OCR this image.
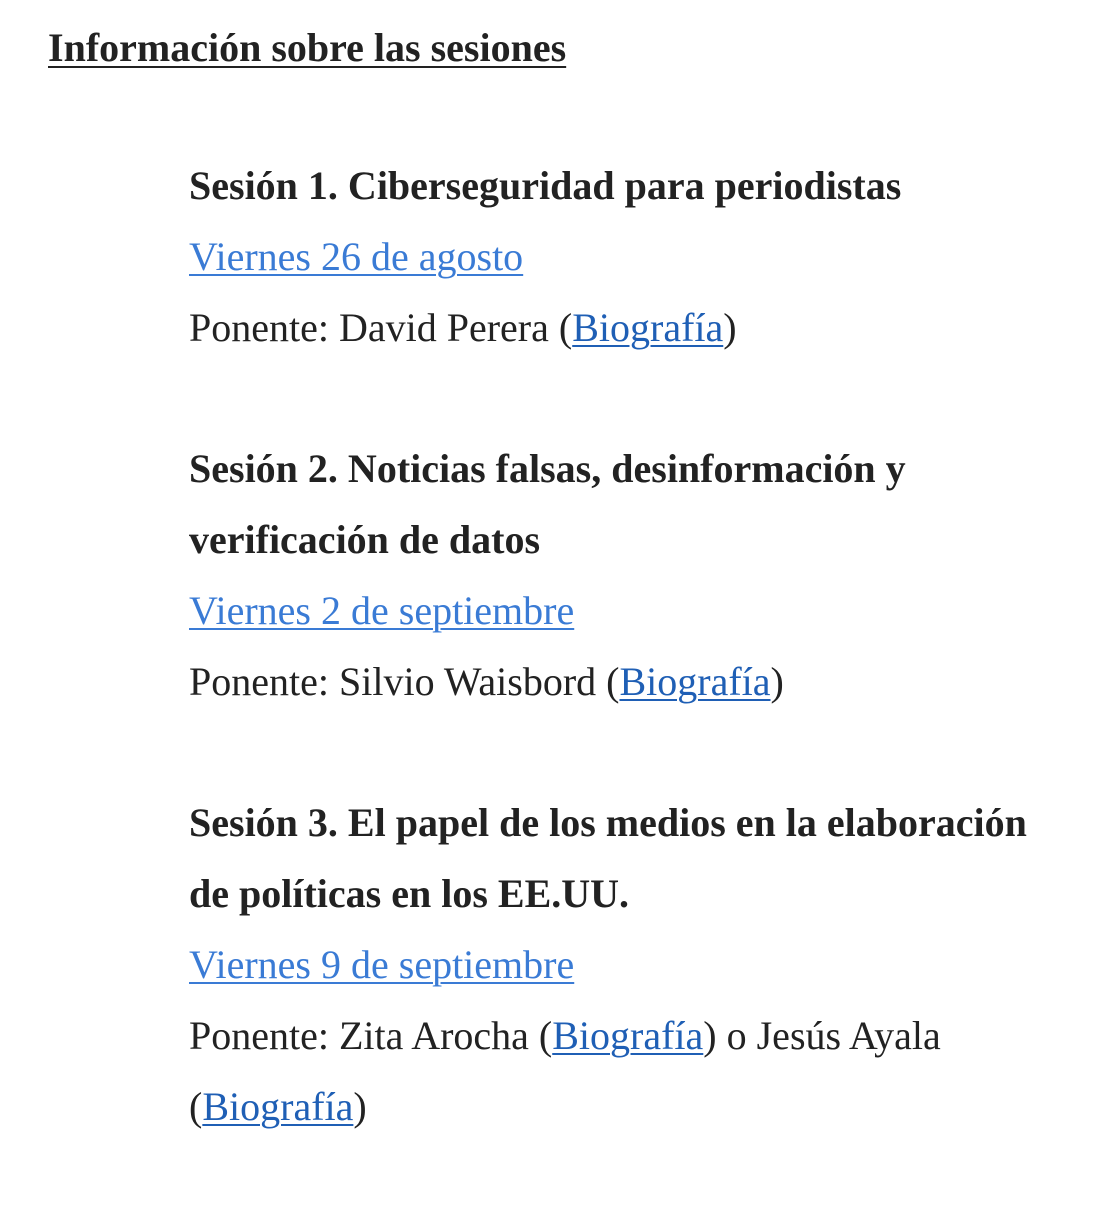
Información sobre las sesiones

Sesión 1. Ciberseguridad para periodistas

Viernes 26 de agosto
Ponente: David Perera (Biografía)

Sesión 2. Noticias falsas, desinformación y verificación de datos

Viernes 2 de septiembre
Ponente: Silvio Waisbord (Biografía)

Sesión 3. El papel de los medios en la elaboración de políticas en los EE.UU.

Viernes 9 de septiembre
Ponente: Zita Arocha (Biografía) o Jesús Ayala (Biografía)
